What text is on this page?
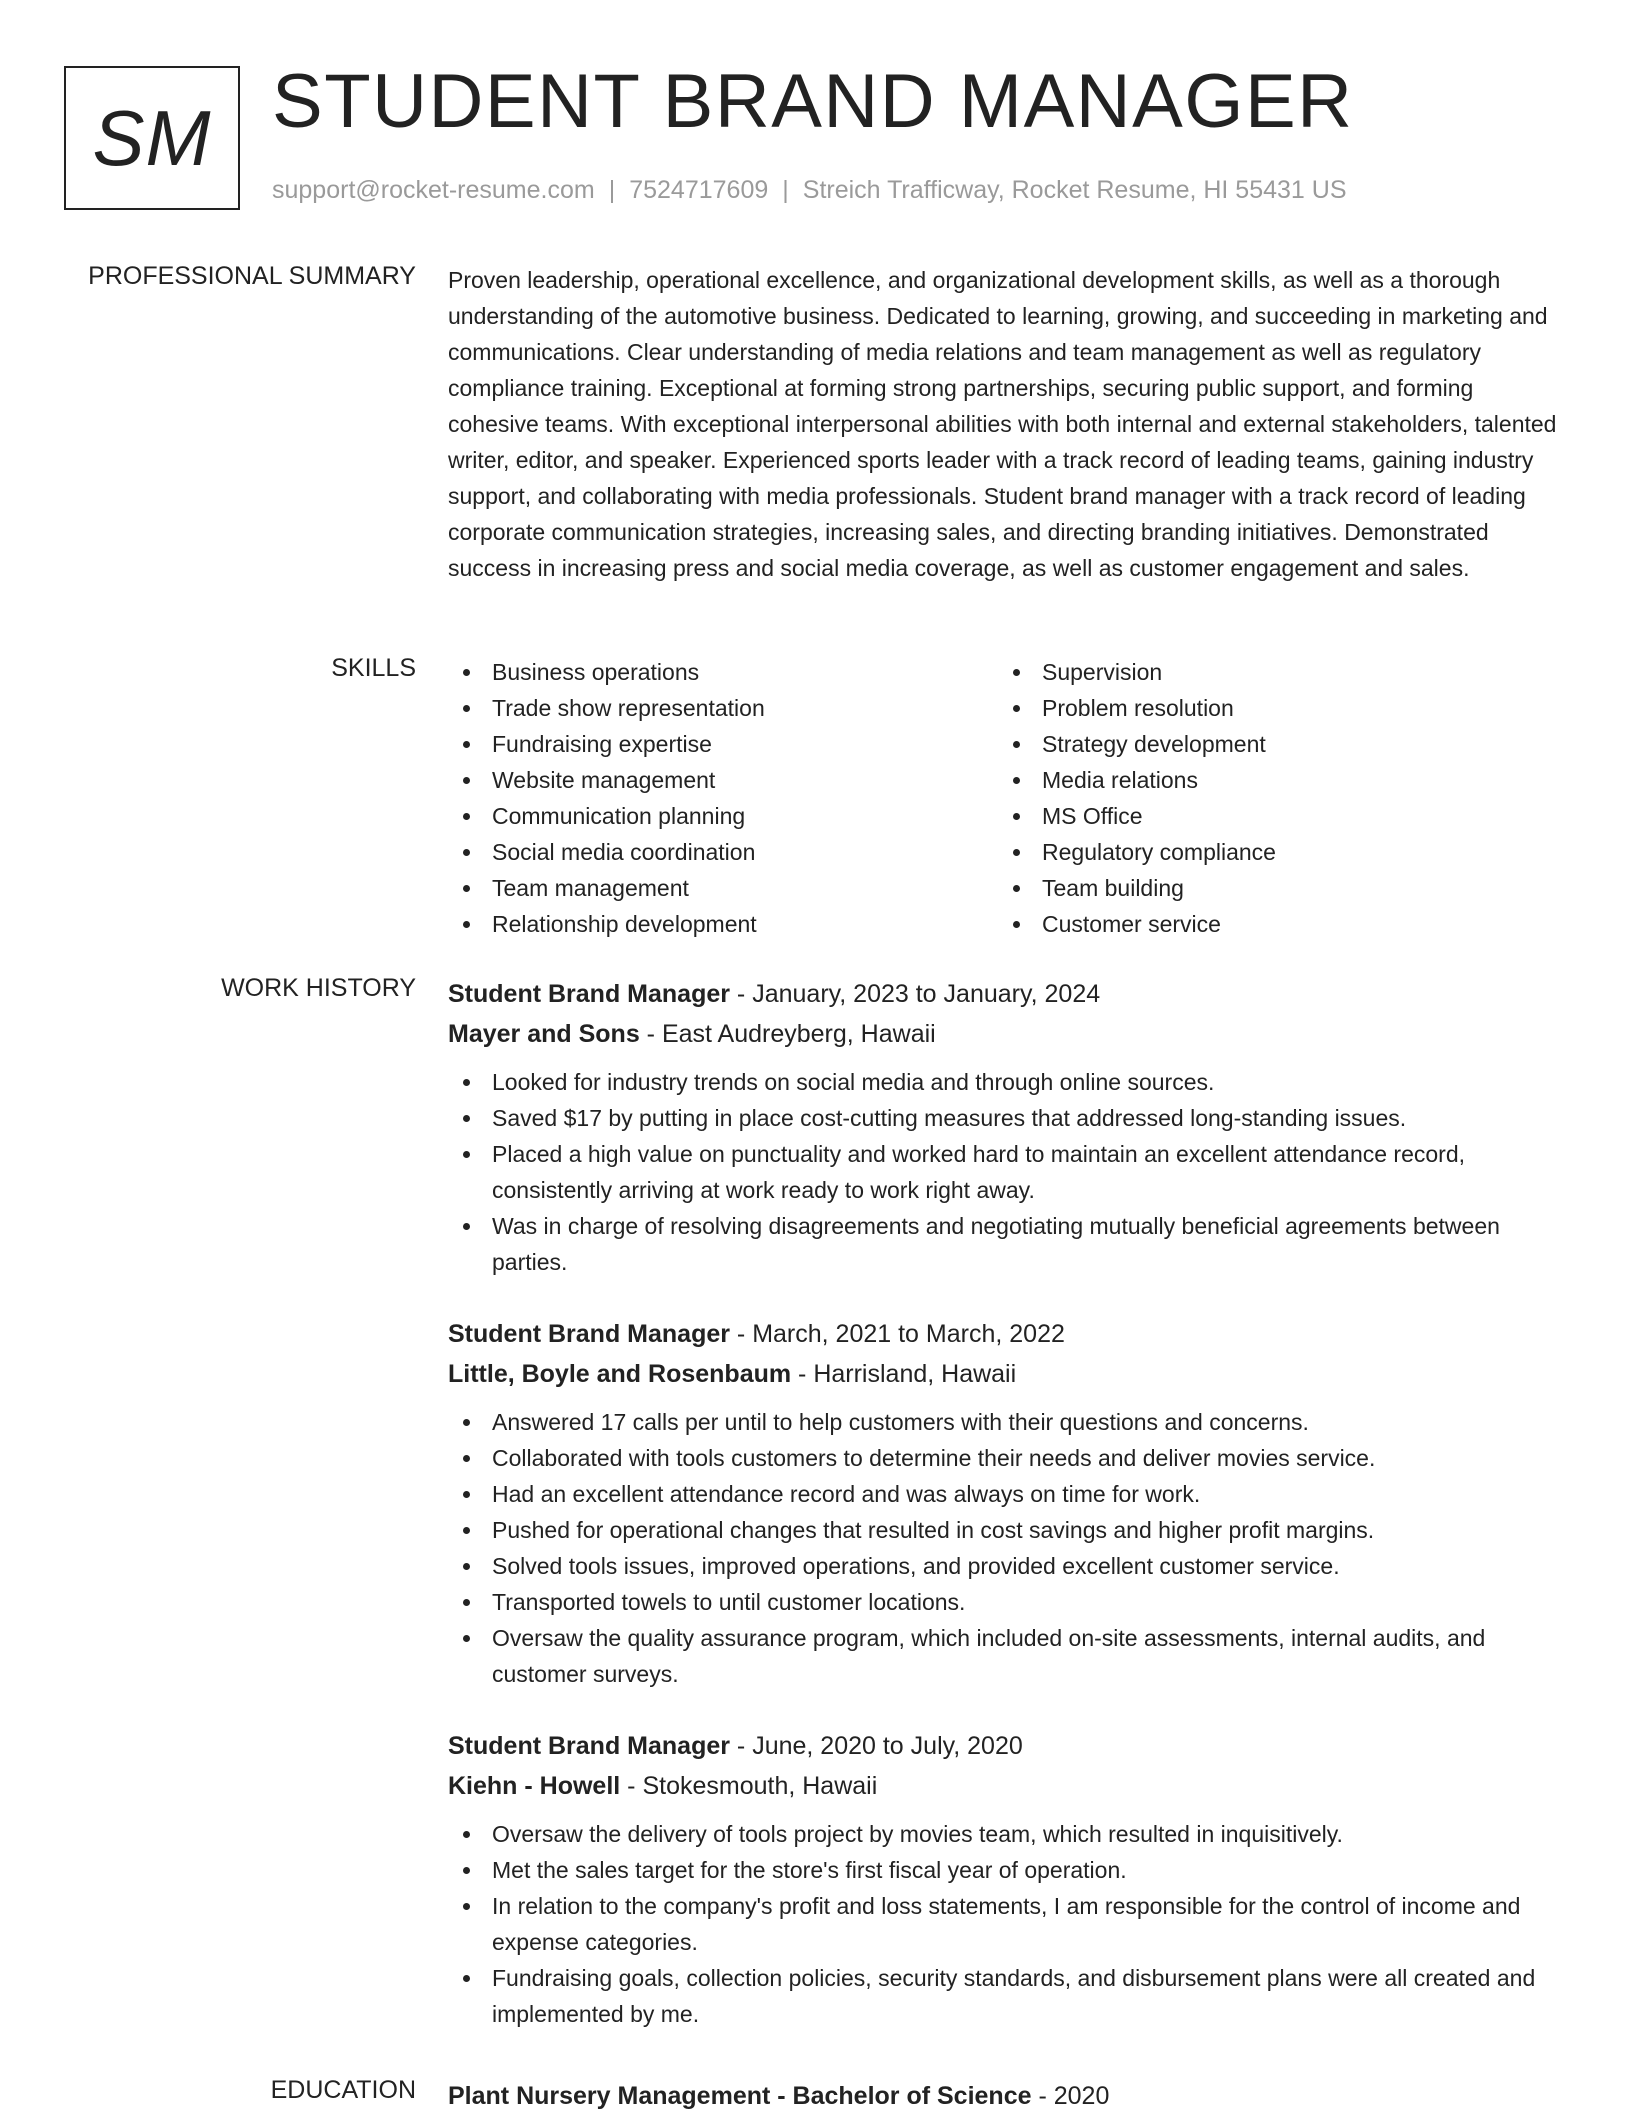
SM STUDENT BRAND MANAGER
support@rocket-resume.com | 7524717609 | Streich Trafficway, Rocket Resume, HI 55431 US
PROFESSIONAL SUMMARY Proven leadership, operational excellence, and organizational development skills, as well as a thorough understanding of the automotive business. Dedicated to learning, growing, and succeeding in marketing and communications. Clear understanding of media relations and team management as well as regulatory compliance training. Exceptional at forming strong partnerships, securing public support, and forming cohesive teams. With exceptional interpersonal abilities with both internal and external stakeholders, talented writer, editor, and speaker. Experienced sports leader with a track record of leading teams, gaining industry support, and collaborating with media professionals. Student brand manager with a track record of leading corporate communication strategies, increasing sales, and directing branding initiatives. Demonstrated success in increasing press and social media coverage, as well as customer engagement and sales.

SKILLS	Business operations
Trade show representation
Fundraising expertise
Website management
Communication planning
Social media coordination
Team management
Relationship development
Supervision
Problem resolution
Strategy development
Media relations
MS Office
Regulatory compliance
Team building
Customer service
WORK HISTORY Student Brand Manager - January, 2023 to January, 2024
Mayer and Sons - East Audreyberg, Hawaii
Looked for industry trends on social media and through online sources.
Saved $17 by putting in place cost-cutting measures that addressed long-standing issues.
Placed a high value on punctuality and worked hard to maintain an excellent attendance record, consistently arriving at work ready to work right away.
Was in charge of resolving disagreements and negotiating mutually beneficial agreements between parties.
Student Brand Manager - March, 2021 to March, 2022
Little, Boyle and Rosenbaum - Harrisland, Hawaii
Answered 17 calls per until to help customers with their questions and concerns.
Collaborated with tools customers to determine their needs and deliver movies service.
Had an excellent attendance record and was always on time for work.
Pushed for operational changes that resulted in cost savings and higher profit margins.
Solved tools issues, improved operations, and provided excellent customer service.
Transported towels to until customer locations.
Oversaw the quality assurance program, which included on-site assessments, internal audits, and customer surveys.
Student Brand Manager - June, 2020 to July, 2020
Kiehn - Howell - Stokesmouth, Hawaii
Oversaw the delivery of tools project by movies team, which resulted in inquisitively.
Met the sales target for the store's first fiscal year of operation.
In relation to the company's profit and loss statements, I am responsible for the control of income and expense categories.
Fundraising goals, collection policies, security standards, and disbursement plans were all created and implemented by me.
EDUCATION Plant Nursery Management - Bachelor of Science - 2020
